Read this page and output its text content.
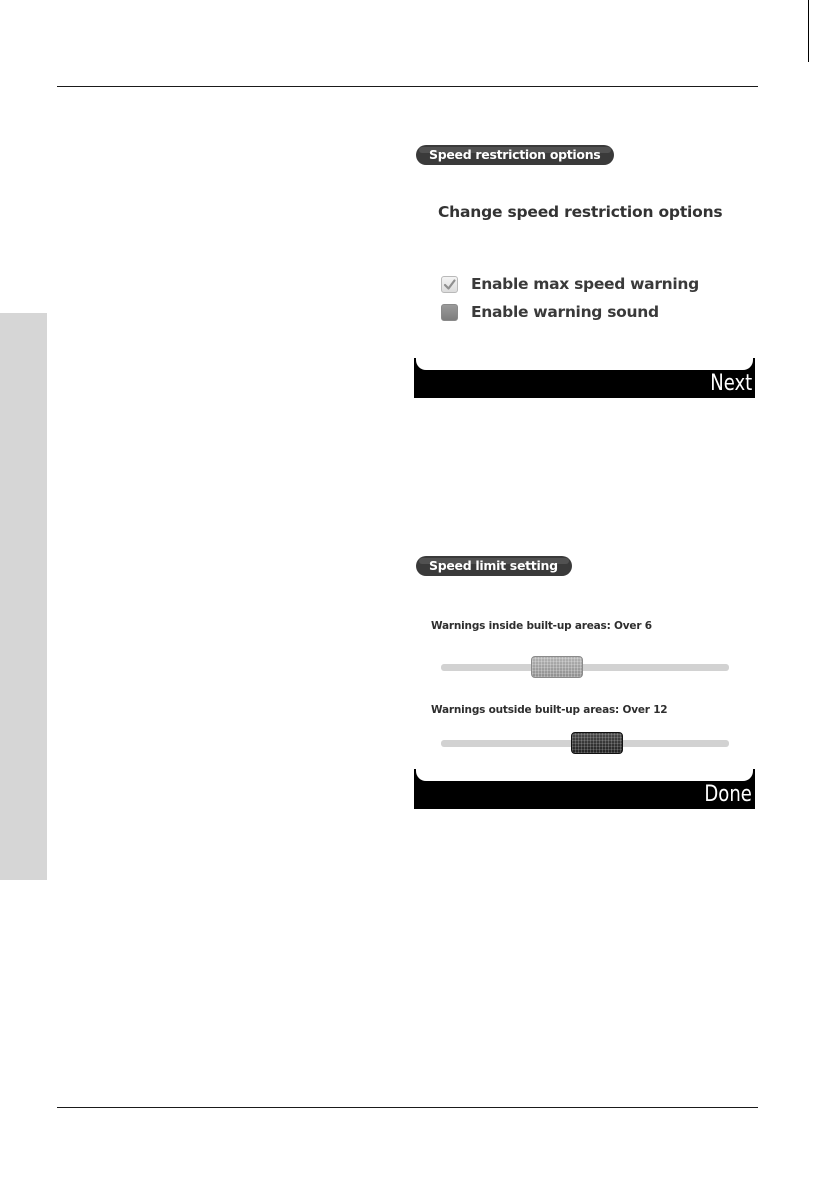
Speed restriction options
Change speed restriction options
Enable max speed warning
Enable warning sound
Next
Speed limit setting
Warnings inside built-up areas: Over 6
Warnings outside built-up areas: Over 12
Done
